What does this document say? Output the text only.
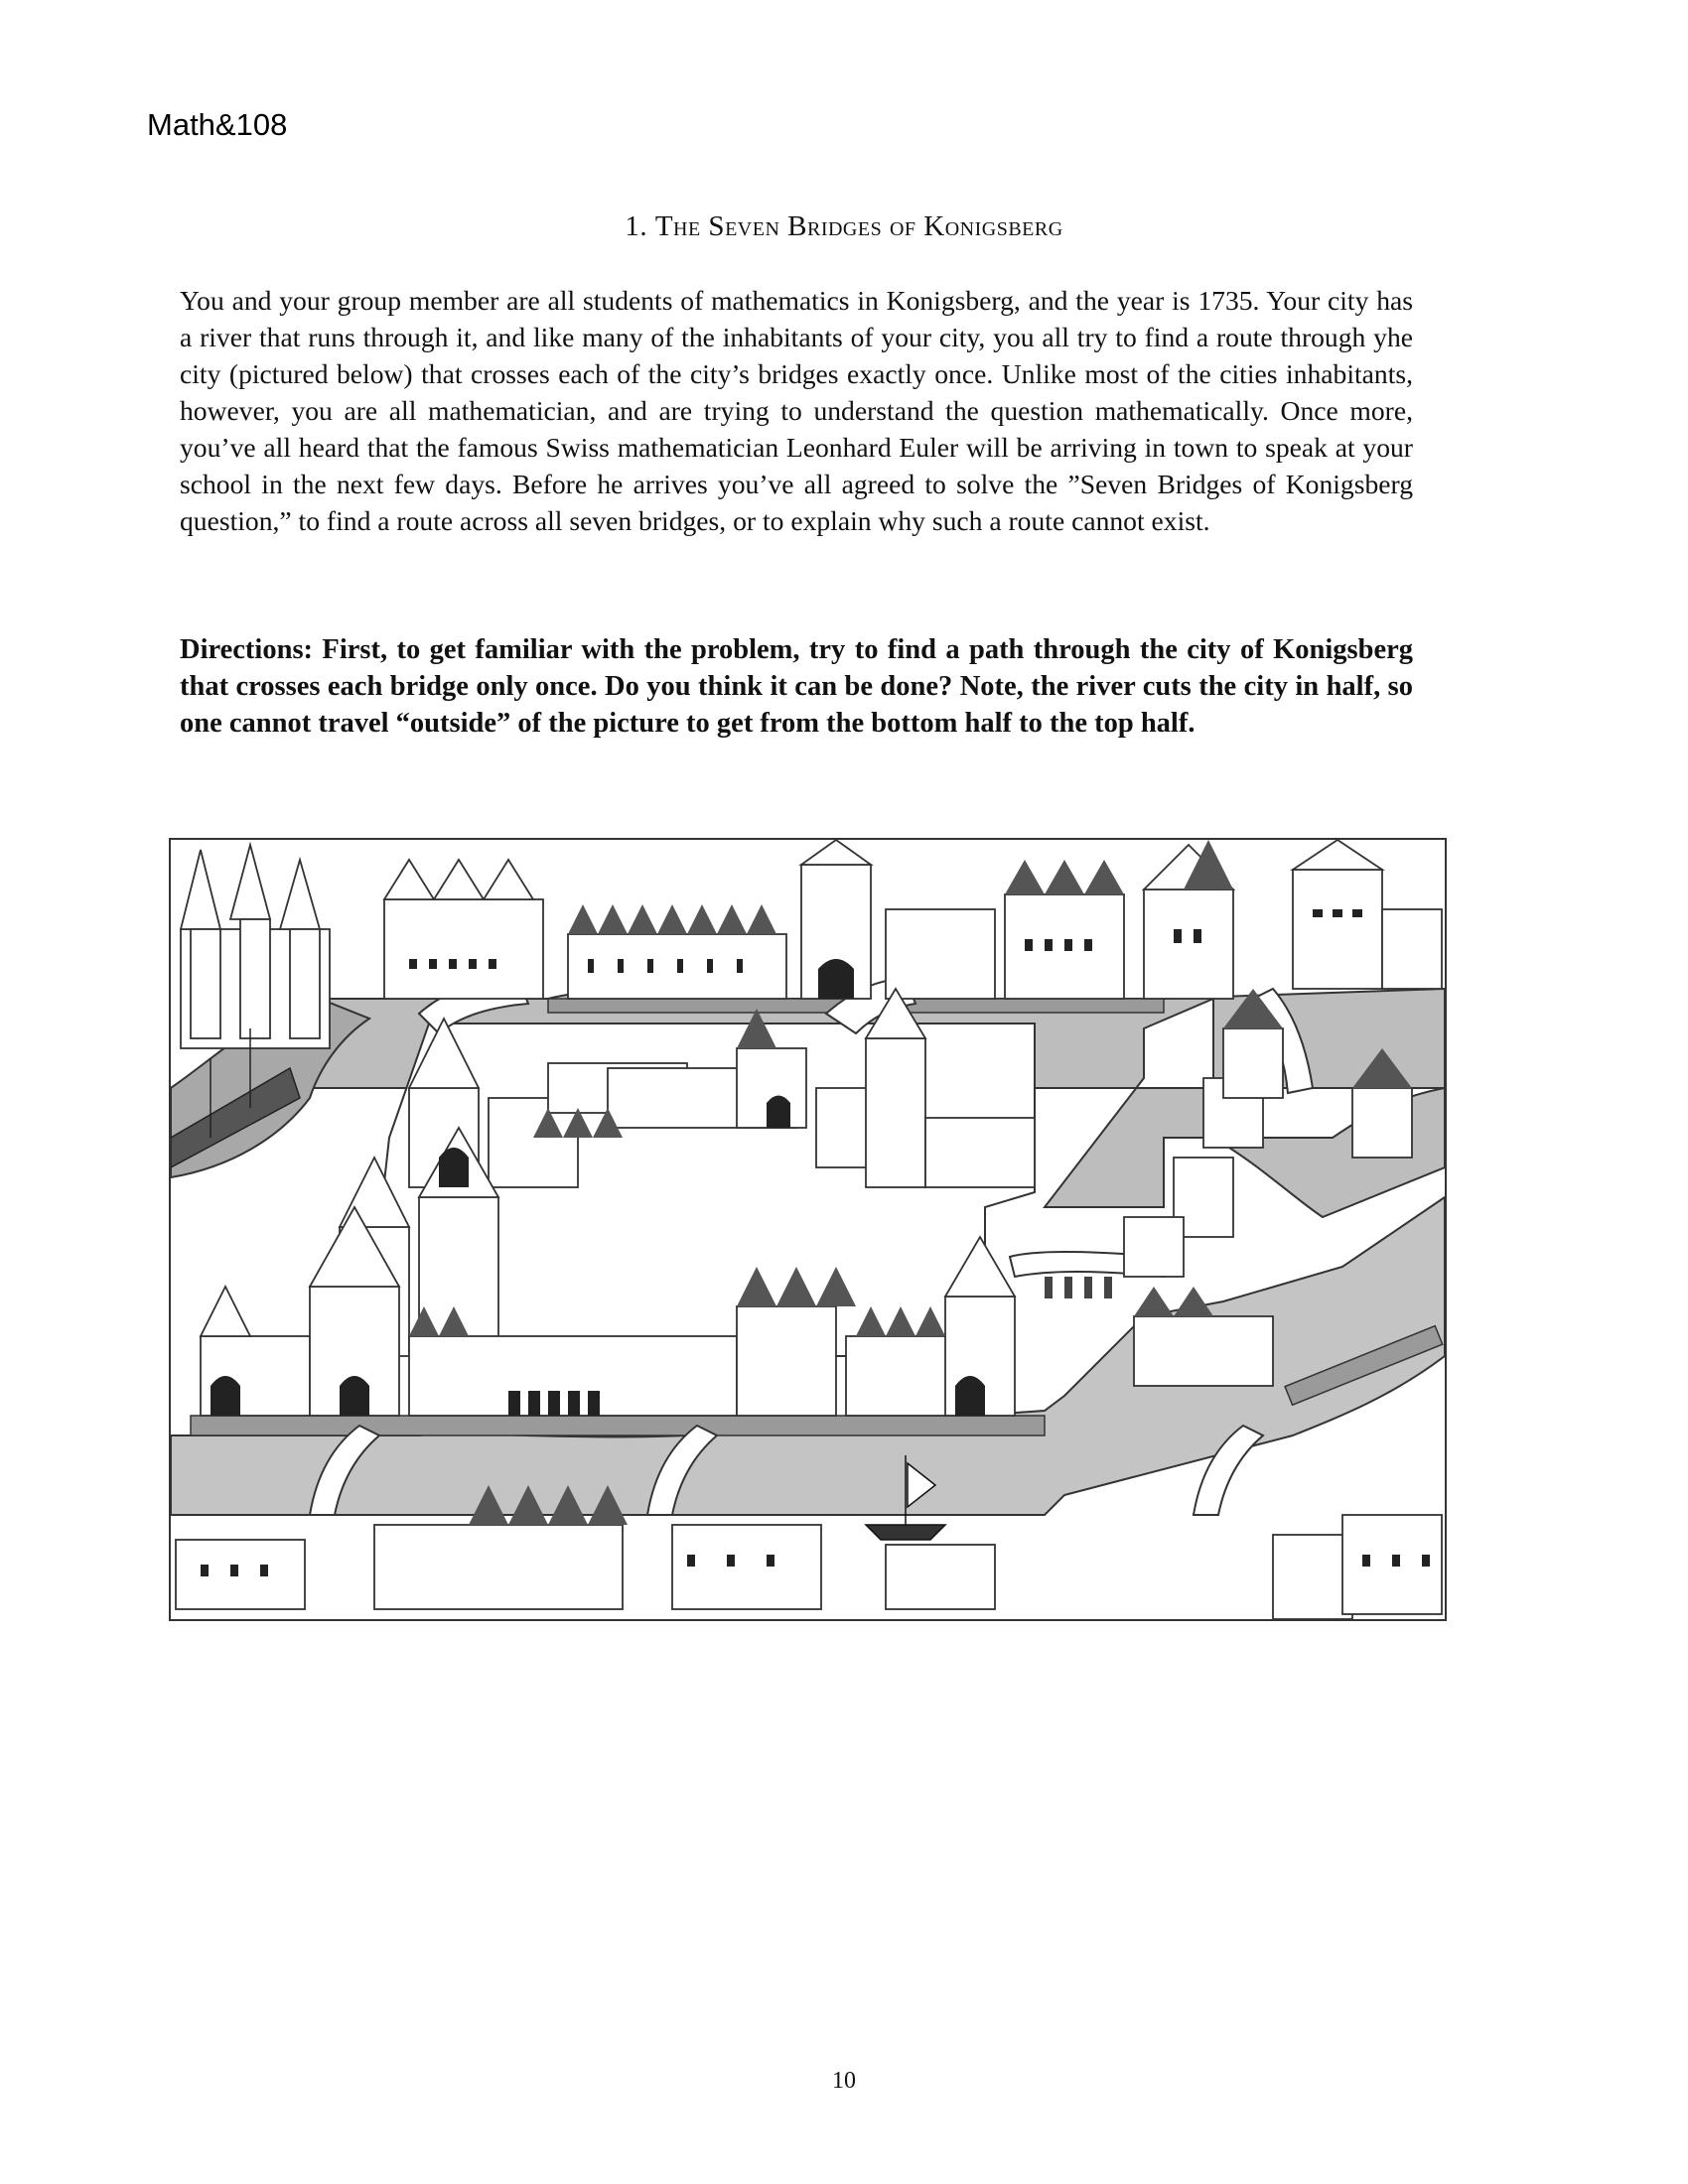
Math&108
1. The Seven Bridges of Konigsberg
You and your group member are all students of mathematics in Konigsberg, and the year is 1735. Your city has a river that runs through it, and like many of the inhabitants of your city, you all try to find a route through yhe city (pictured below) that crosses each of the city’s bridges exactly once. Unlike most of the cities inhabitants, however, you are all mathematician, and are trying to understand the question mathematically. Once more, you’ve all heard that the famous Swiss mathematician Leonhard Euler will be arriving in town to speak at your school in the next few days. Before he arrives you’ve all agreed to solve the ”Seven Bridges of Konigsberg question,” to find a route across all seven bridges, or to explain why such a route cannot exist.
Directions: First, to get familiar with the problem, try to find a path through the city of Konigsberg that crosses each bridge only once. Do you think it can be done? Note, the river cuts the city in half, so one cannot travel “outside” of the picture to get from the bottom half to the top half.
10
